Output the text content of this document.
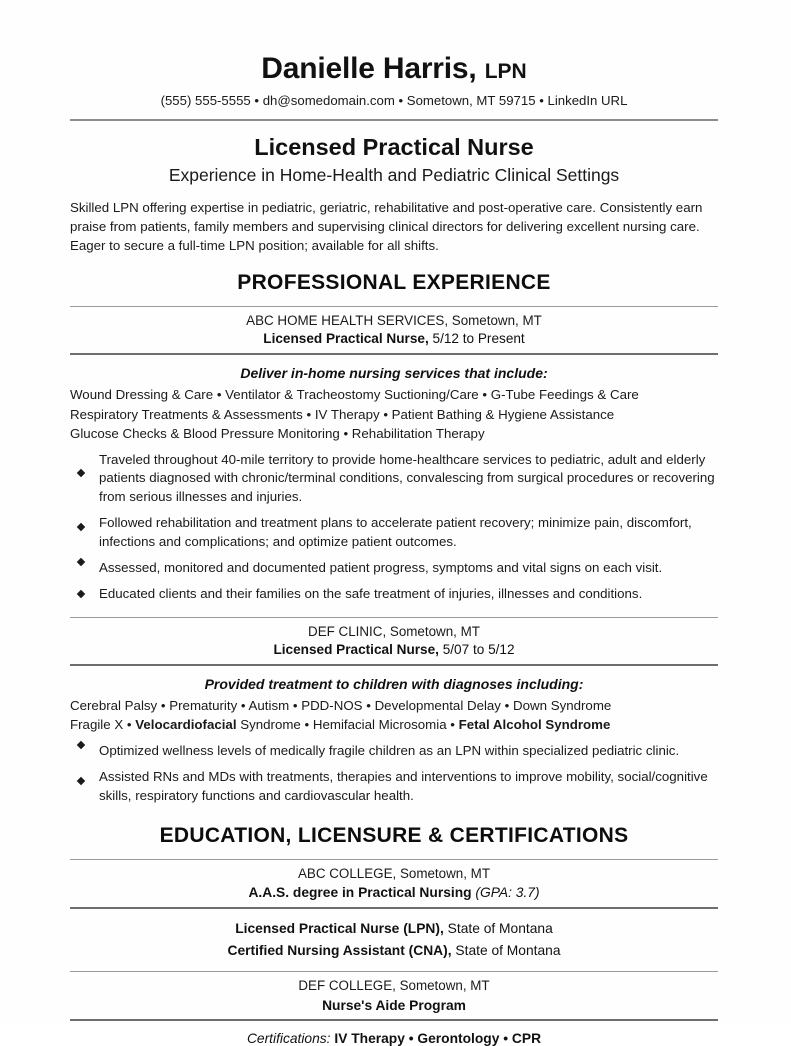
Danielle Harris, LPN
(555) 555-5555 • dh@somedomain.com • Sometown, MT 59715 • LinkedIn URL
Licensed Practical Nurse
Experience in Home-Health and Pediatric Clinical Settings
Skilled LPN offering expertise in pediatric, geriatric, rehabilitative and post-operative care. Consistently earn praise from patients, family members and supervising clinical directors for delivering excellent nursing care. Eager to secure a full-time LPN position; available for all shifts.
PROFESSIONAL EXPERIENCE
ABC HOME HEALTH SERVICES, Sometown, MT
Licensed Practical Nurse, 5/12 to Present
Deliver in-home nursing services that include:
Wound Dressing & Care • Ventilator & Tracheostomy Suctioning/Care • G-Tube Feedings & Care
Respiratory Treatments & Assessments • IV Therapy • Patient Bathing & Hygiene Assistance
Glucose Checks & Blood Pressure Monitoring • Rehabilitation Therapy
Traveled throughout 40-mile territory to provide home-healthcare services to pediatric, adult and elderly patients diagnosed with chronic/terminal conditions, convalescing from surgical procedures or recovering from serious illnesses and injuries.
Followed rehabilitation and treatment plans to accelerate patient recovery; minimize pain, discomfort, infections and complications; and optimize patient outcomes.
Assessed, monitored and documented patient progress, symptoms and vital signs on each visit.
Educated clients and their families on the safe treatment of injuries, illnesses and conditions.
DEF CLINIC, Sometown, MT
Licensed Practical Nurse, 5/07 to 5/12
Provided treatment to children with diagnoses including:
Cerebral Palsy • Prematurity • Autism • PDD-NOS • Developmental Delay • Down Syndrome
Fragile X • Velocardiofacial Syndrome • Hemifacial Microsomia • Fetal Alcohol Syndrome
Optimized wellness levels of medically fragile children as an LPN within specialized pediatric clinic.
Assisted RNs and MDs with treatments, therapies and interventions to improve mobility, social/cognitive skills, respiratory functions and cardiovascular health.
EDUCATION, LICENSURE & CERTIFICATIONS
ABC COLLEGE, Sometown, MT
A.A.S. degree in Practical Nursing (GPA: 3.7)
Licensed Practical Nurse (LPN), State of Montana
Certified Nursing Assistant (CNA), State of Montana
DEF COLLEGE, Sometown, MT
Nurse's Aide Program
Certifications: IV Therapy • Gerontology • CPR
